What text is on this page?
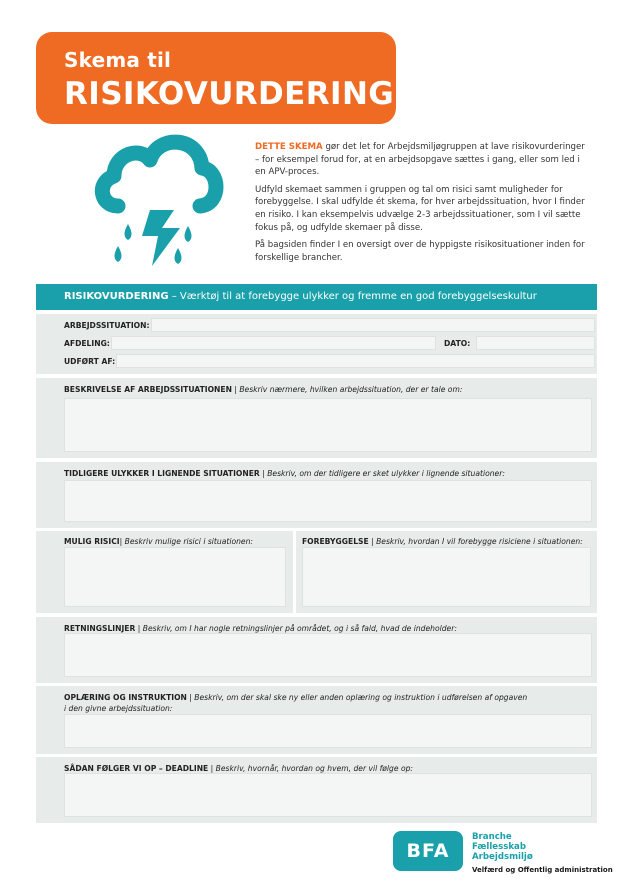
Skema til
RISIKOVURDERING

DETTE SKEMA gør det let for Arbejdsmiljøgruppen at lave risikovurderinger – for eksempel forud for, at en arbejdsopgave sættes i gang, eller som led i en APV-proces.

Udfyld skemaet sammen i gruppen og tal om risici samt muligheder for forebyggelse. I skal udfylde ét skema, for hver arbejdssituation, hvor I finder en risiko. I kan eksempelvis udvælge 2-3 arbejdssituationer, som I vil sætte fokus på, og udfylde skemaer på disse.

På bagsiden finder I en oversigt over de hyppigste risikosituationer inden for forskellige brancher.

RISIKOVURDERING – Værktøj til at forebygge ulykker og fremme en god forebyggelseskultur
ARBEJDSSITUATION:
AFDELING:	DATO:
UDFØRT AF:
BESKRIVELSE AF ARBEJDSSITUATIONEN | Beskriv nærmere, hvilken arbejdssituation, der er tale om:
TIDLIGERE ULYKKER I LIGNENDE SITUATIONER | Beskriv, om der tidligere er sket ulykker i lignende situationer:
MULIG RISICI| Beskriv mulige risici i situationen:	FOREBYGGELSE | Beskriv, hvordan I vil forebygge risiciene i situationen:
RETNINGSLINJER | Beskriv, om I har nogle retningslinjer på området, og i så fald, hvad de indeholder:
OPLÆRING OG INSTRUKTION | Beskriv, om der skal ske ny eller anden oplæring og instruktion i udførelsen af opgaven
i den givne arbejdssituation:
SÅDAN FØLGER VI OP – DEADLINE | Beskriv, hvornår, hvordan og hvem, der vil følge op:
BFA
Branche
Fællesskab
Arbejdsmiljø
Velfærd og Offentlig administration
